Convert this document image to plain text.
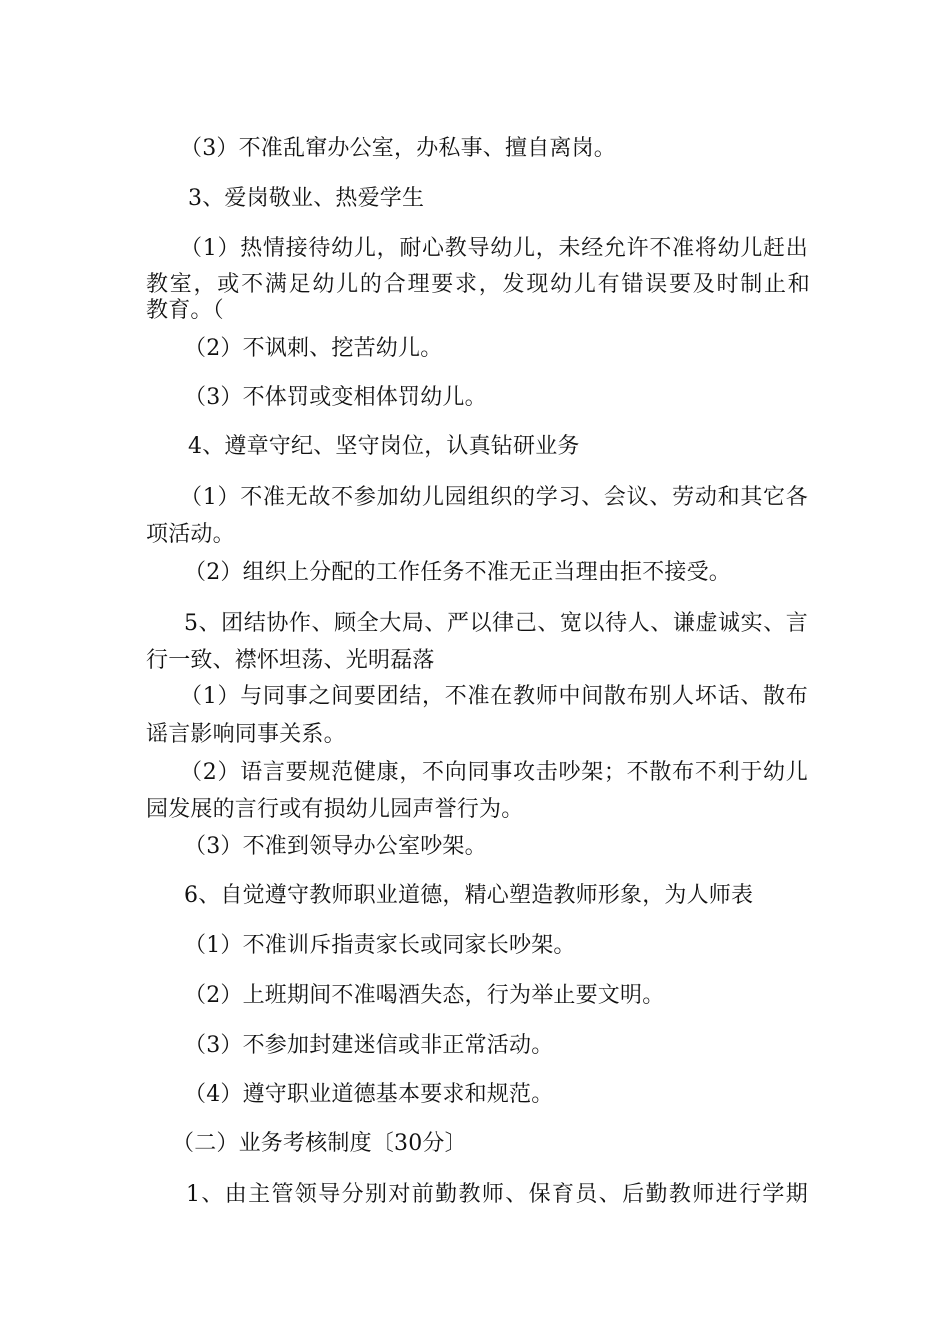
（3）不准乱窜办公室，办私事、擅自离岗。
3、爱岗敬业、热爱学生
（1）热情接待幼儿，耐心教导幼儿，未经允许不准将幼儿赶出
教室，或不满足幼儿的合理要求，发现幼儿有错误要及时制止和
教育。（
（2）不讽刺、挖苦幼儿。
（3）不体罚或变相体罚幼儿。
4、遵章守纪、坚守岗位，认真钻研业务
（1）不准无故不参加幼儿园组织的学习、会议、劳动和其它各
项活动。
（2）组织上分配的工作任务不准无正当理由拒不接受。
5、团结协作、顾全大局、严以律己、宽以待人、谦虚诚实、言
行一致、襟怀坦荡、光明磊落
（1）与同事之间要团结，不准在教师中间散布别人坏话、散布
谣言影响同事关系。
（2）语言要规范健康，不向同事攻击吵架；不散布不利于幼儿
园发展的言行或有损幼儿园声誉行为。
（3）不准到领导办公室吵架。
6、自觉遵守教师职业道德，精心塑造教师形象，为人师表
（1）不准训斥指责家长或同家长吵架。
（2）上班期间不准喝酒失态，行为举止要文明。
（3）不参加封建迷信或非正常活动。
（4）遵守职业道德基本要求和规范。
（二）业务考核制度〔30分〕
1、由主管领导分别对前勤教师、保育员、后勤教师进行学期
